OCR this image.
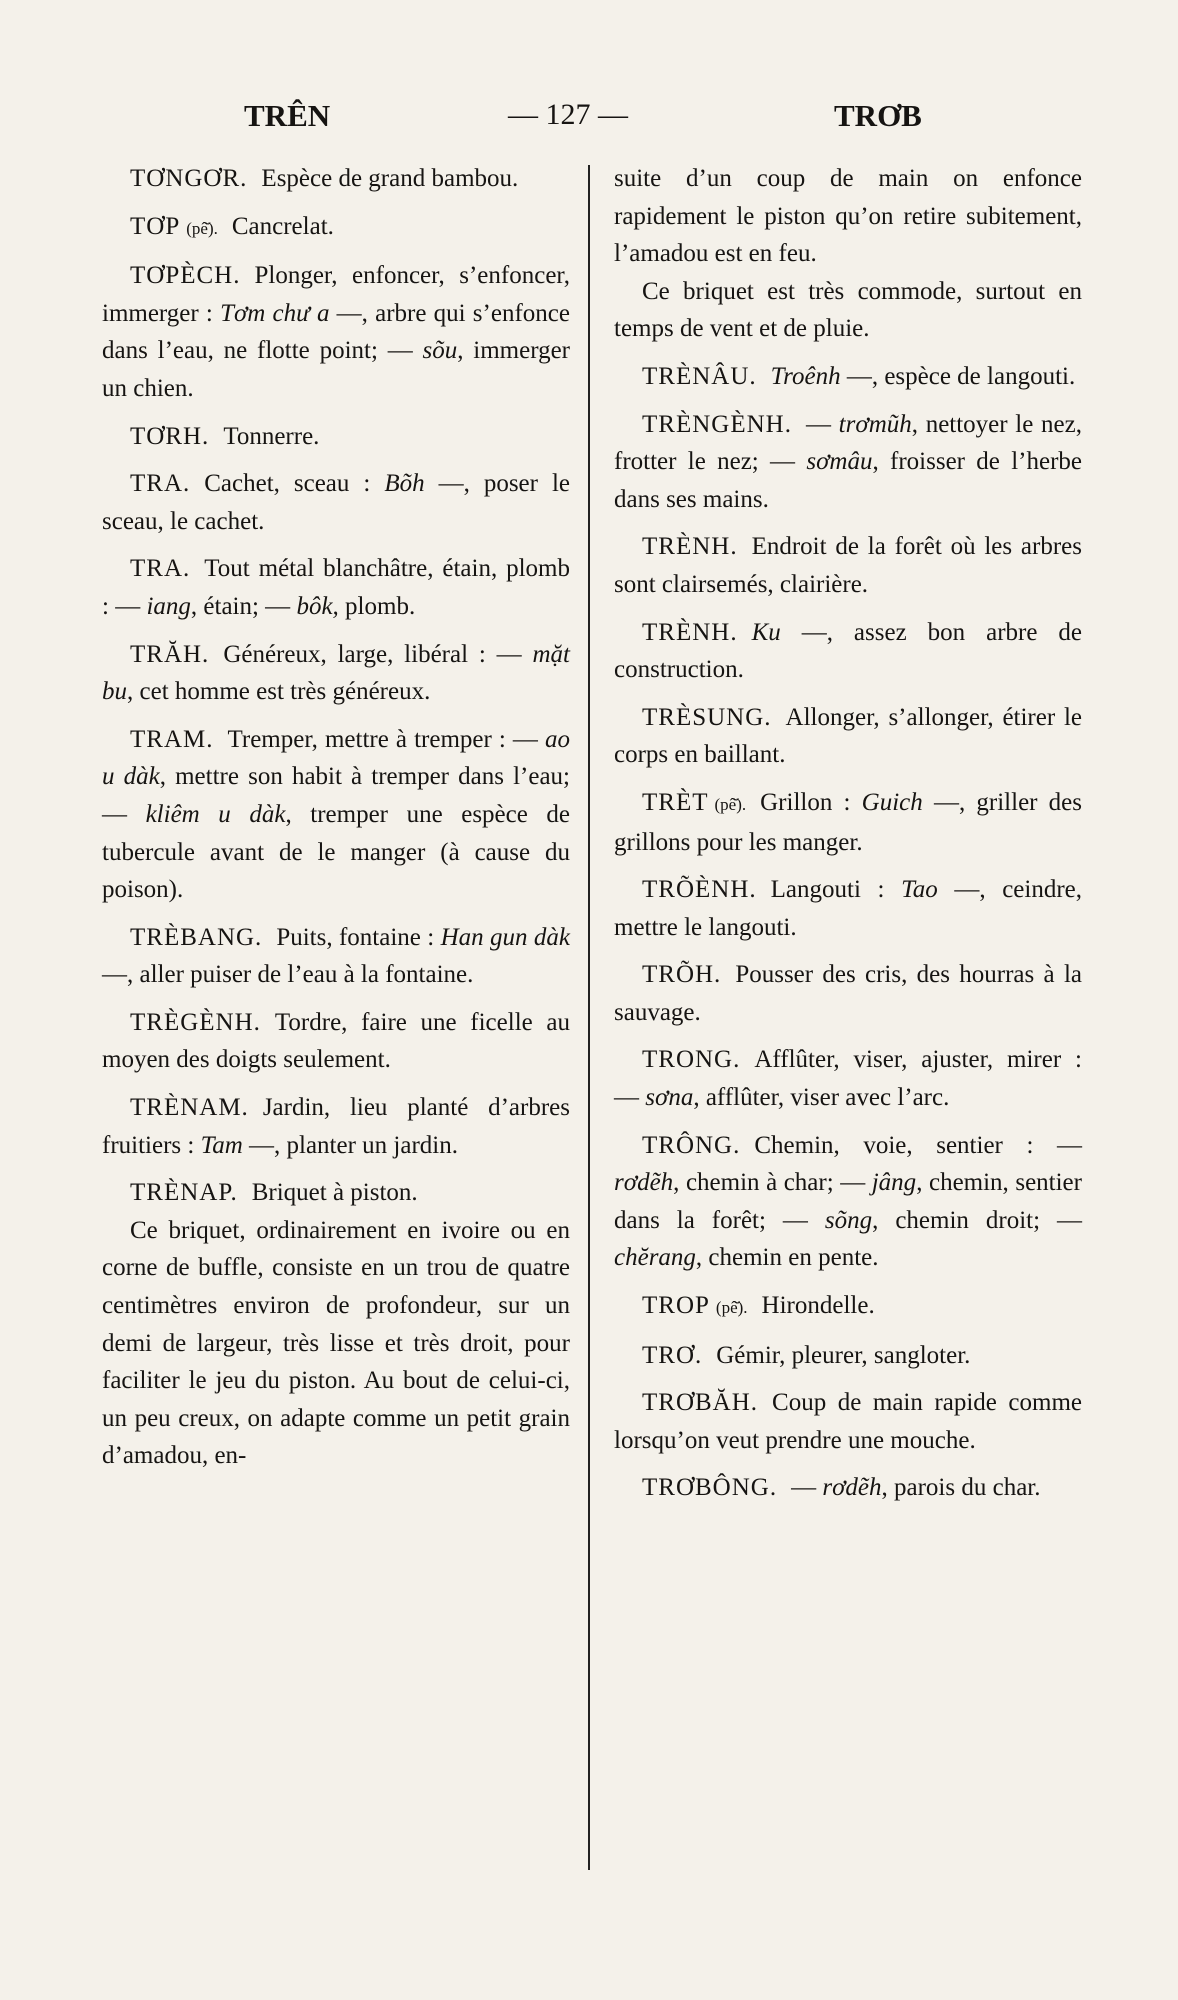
TRÊN	— 127 —	TRƠB

TƠNGƠR. Espèce de grand bambou.

TƠP (pê̆). Cancrelat.

TƠPÈCH. Plonger, enfoncer, s’enfoncer, immerger : Tơm chư a —, arbre qui s’enfonce dans l’eau, ne flotte point; — sõu, immerger un chien.

TƠRH. Tonnerre.

TRA. Cachet, sceau : Bõh —, poser le sceau, le cachet.

TRA. Tout métal blanchâtre, étain, plomb : — iang, étain; — bôk, plomb.

TRĂH. Généreux, large, libéral : — mặt bu, cet homme est très généreux.

TRAM. Tremper, mettre à tremper : — ao u dàk, mettre son habit à tremper dans l’eau; — kliêm u dàk, tremper une espèce de tubercule avant de le manger (à cause du poison).

TRÈBANG. Puits, fontaine : Han gun dàk —, aller puiser de l’eau à la fontaine.

TRÈGÈNH. Tordre, faire une ficelle au moyen des doigts seulement.

TRÈNAM. Jardin, lieu planté d’arbres fruitiers : Tam —, planter un jardin.

TRÈNAP. Briquet à piston.

Ce briquet, ordinairement en ivoire ou en corne de buffle, consiste en un trou de quatre centimètres environ de profondeur, sur un demi de largeur, très lisse et très droit, pour faciliter le jeu du piston. Au bout de celui-ci, un peu creux, on adapte comme un petit grain d’amadou, en-

suite d’un coup de main on enfonce rapidement le piston qu’on retire subitement, l’amadou est en feu.

Ce briquet est très commode, surtout en temps de vent et de pluie.

TRÈNÂU. Troênh —, espèce de langouti.

TRÈNGÈNH. — trơmũh, nettoyer le nez, frotter le nez; — sơmâu, froisser de l’herbe dans ses mains.

TRÈNH. Endroit de la forêt où les arbres sont clairsemés, clairière.

TRÈNH. Ku —, assez bon arbre de construction.

TRÈSUNG. Allonger, s’allonger, étirer le corps en baillant.

TRÈT (pê̆). Grillon : Guich —, griller des grillons pour les manger.

TRÕÈNH. Langouti : Tao —, ceindre, mettre le langouti.

TRÕH. Pousser des cris, des hourras à la sauvage.

TRONG. Afflûter, viser, ajuster, mirer : — sơna, afflûter, viser avec l’arc.

TRÔNG. Chemin, voie, sentier : — rơdẽh, chemin à char; — jâng, chemin, sentier dans la forêt; — sõng, chemin droit; — chĕrang, chemin en pente.

TROP (pê̆). Hirondelle.

TRƠ. Gémir, pleurer, sangloter.

TRƠBĂH. Coup de main rapide comme lorsqu’on veut prendre une mouche.

TRƠBÔNG. — rơdẽh, parois du char.
